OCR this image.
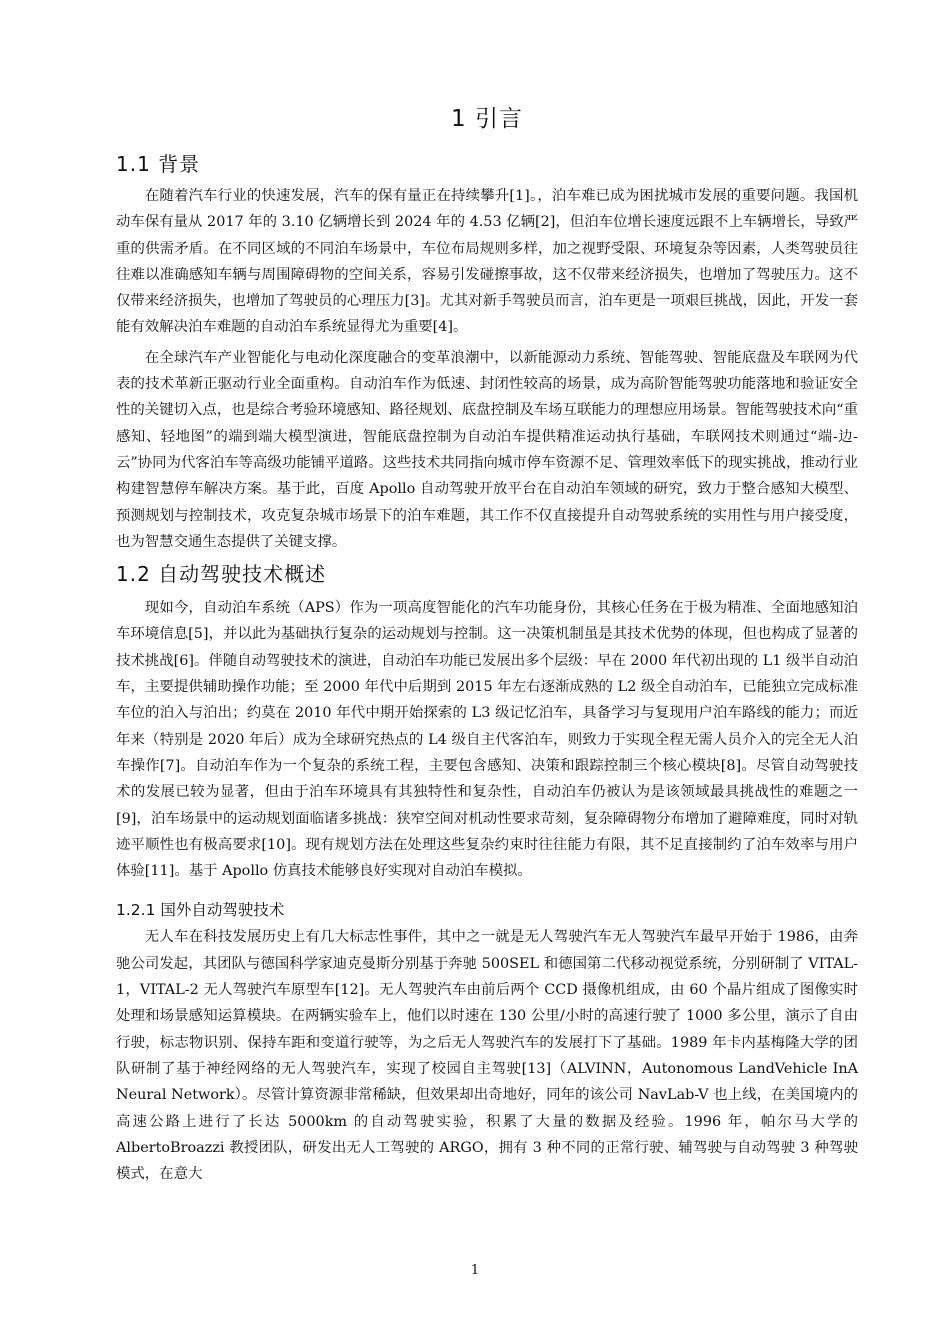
1 引言
1.1 背景

在随着汽车行业的快速发展，汽车的保有量正在持续攀升[1]。，泊车难已成为困扰城市发展的重要问题。我国机动车保有量从 2017 年的 3.10 亿辆增长到 2024 年的 4.53 亿辆[2]，但泊车位增长速度远跟不上车辆增长，导致严重的供需矛盾。在不同区域的不同泊车场景中，车位布局规则多样，加之视野受限、环境复杂等因素，人类驾驶员往往难以准确感知车辆与周围障碍物的空间关系，容易引发碰擦事故，这不仅带来经济损失，也增加了驾驶压力。这不仅带来经济损失，也增加了驾驶员的心理压力[3]。尤其对新手驾驶员而言，泊车更是一项艰巨挑战，因此，开发一套能有效解决泊车难题的自动泊车系统显得尤为重要[4]。

在全球汽车产业智能化与电动化深度融合的变革浪潮中，以新能源动力系统、智能驾驶、智能底盘及车联网为代表的技术革新正驱动行业全面重构。自动泊车作为低速、封闭性较高的场景，成为高阶智能驾驶功能落地和验证安全性的关键切入点，也是综合考验环境感知、路径规划、底盘控制及车场互联能力的理想应用场景。智能驾驶技术向“重感知、轻地图”的端到端大模型演进，智能底盘控制为自动泊车提供精准运动执行基础，车联网技术则通过“端-边-云”协同为代客泊车等高级功能铺平道路。这些技术共同指向城市停车资源不足、管理效率低下的现实挑战，推动行业构建智慧停车解决方案。基于此，百度 Apollo 自动驾驶开放平台在自动泊车领域的研究，致力于整合感知大模型、预测规划与控制技术，攻克复杂城市场景下的泊车难题，其工作不仅直接提升自动驾驶系统的实用性与用户接受度，也为智慧交通生态提供了关键支撑。

1.2 自动驾驶技术概述

现如今，自动泊车系统（APS）作为一项高度智能化的汽车功能身份，其核心任务在于极为精准、全面地感知泊车环境信息[5]，并以此为基础执行复杂的运动规划与控制。这一决策机制虽是其技术优势的体现，但也构成了显著的技术挑战[6]。伴随自动驾驶技术的演进，自动泊车功能已发展出多个层级：早在 2000 年代初出现的 L1 级半自动泊车，主要提供辅助操作功能；至 2000 年代中后期到 2015 年左右逐渐成熟的 L2 级全自动泊车，已能独立完成标准车位的泊入与泊出；约莫在 2010 年代中期开始探索的 L3 级记忆泊车，具备学习与复现用户泊车路线的能力；而近年来（特别是 2020 年后）成为全球研究热点的 L4 级自主代客泊车，则致力于实现全程无需人员介入的完全无人泊车操作[7]。自动泊车作为一个复杂的系统工程，主要包含感知、决策和跟踪控制三个核心模块[8]。尽管自动驾驶技术的发展已较为显著，但由于泊车环境具有其独特性和复杂性，自动泊车仍被认为是该领域最具挑战性的难题之一[9]，泊车场景中的运动规划面临诸多挑战：狭窄空间对机动性要求苛刻，复杂障碍物分布增加了避障难度，同时对轨迹平顺性也有极高要求[10]。现有规划方法在处理这些复杂约束时往往能力有限，其不足直接制约了泊车效率与用户体验[11]。基于 Apollo 仿真技术能够良好实现对自动泊车模拟。

1.2.1 国外自动驾驶技术

无人车在科技发展历史上有几大标志性事件，其中之一就是无人驾驶汽车无人驾驶汽车最早开始于 1986，由奔驰公司发起，其团队与德国科学家迪克曼斯分别基于奔驰 500SEL 和德国第二代移动视觉系统，分别研制了 VITAL-1，VITAL-2 无人驾驶汽车原型车[12]。无人驾驶汽车由前后两个 CCD 摄像机组成，由 60 个晶片组成了图像实时处理和场景感知运算模块。在两辆实验车上，他们以时速在 130 公里/小时的高速行驶了 1000 多公里，演示了自由行驶，标志物识别、保持车距和变道行驶等，为之后无人驾驶汽车的发展打下了基础。1989 年卡内基梅隆大学的团队研制了基于神经网络的无人驾驶汽车，实现了校园自主驾驶[13]（ALVINN，Autonomous LandVehicle InA Neural Network）。尽管计算资源非常稀缺，但效果却出奇地好，同年的该公司 NavLab-V 也上线，在美国境内的高速公路上进行了长达 5000km 的自动驾驶实验，积累了大量的数据及经验。1996 年，帕尔马大学的 AlbertoBroazzi 教授团队，研发出无人工驾驶的 ARGO，拥有 3 种不同的正常行驶、辅驾驶与自动驾驶 3 种驾驶模式，在意大

1
